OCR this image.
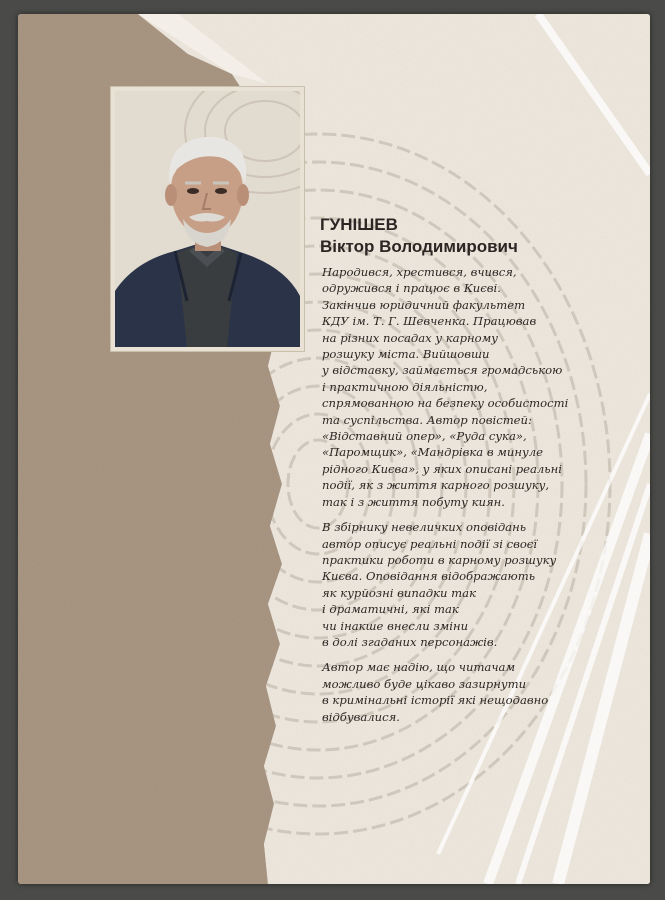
ГУНІШЕВ
Віктор Володимирович

Народився, хрестився, вчився,
одружився і працює в Києві.
Закінчив юридичний факультет
КДУ ім. Т. Г. Шевченка. Працював
на різних посадах у карному
розшуку міста. Вийшовши
у відставку, займається громадською
і практичною діяльністю,
спрямованною на безпеку особистості
та суспільства. Автор повістей:
«Відставний опер», «Руда сука»,
«Паромщик», «Мандрівка в минуле
рідного Києва», у яких описані реальні
події, як з життя карного розшуку,
так і з життя побуту киян.

В збірнику невеличких оповідань
автор описує реальні події зі своєї
практики роботи в карному розшуку
Києва. Оповідання відображають
як курйозні випадки так
і драматичні, які так
чи інакше внесли зміни
в долі згаданих персонажів.

Автор має надію, що читачам
можливо буде цікаво зазирнути
в кримінальні історії які нещодавно
відбувалися.
